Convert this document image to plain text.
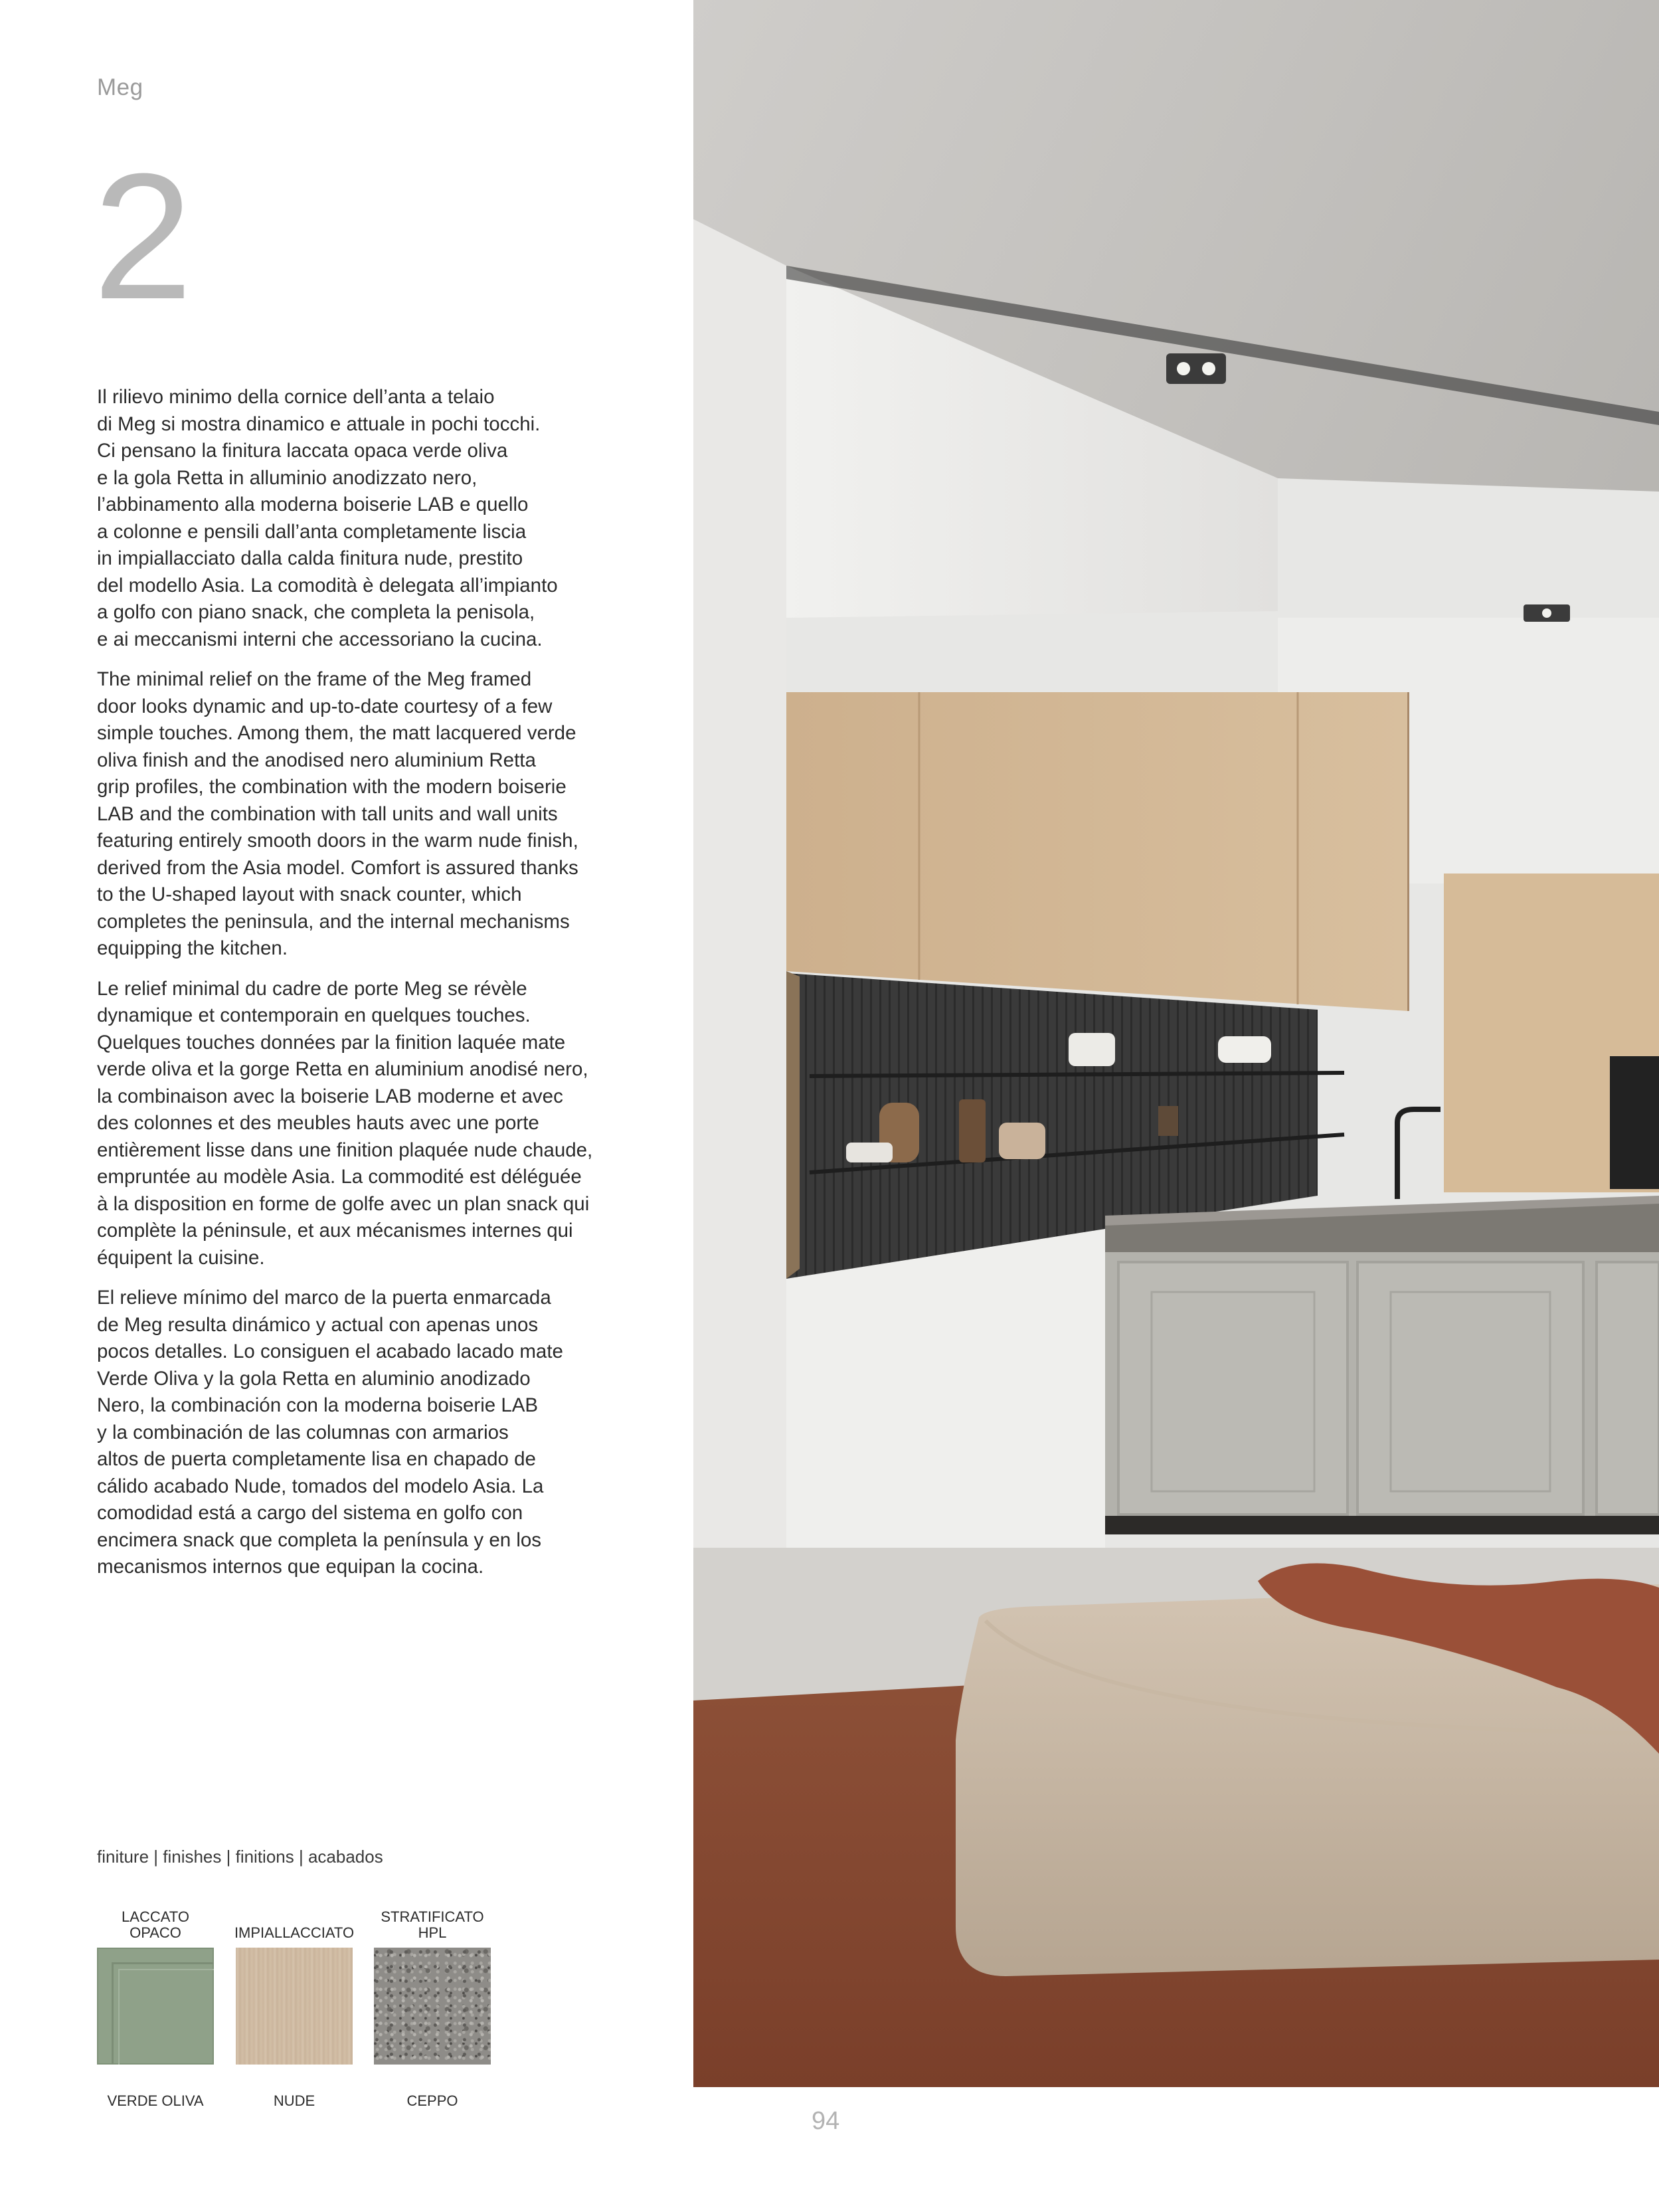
Meg
2

Il rilievo minimo della cornice dell’anta a telaio
di Meg si mostra dinamico e attuale in pochi tocchi.
Ci pensano la finitura laccata opaca verde oliva
e la gola Retta in alluminio anodizzato nero,
l’abbinamento alla moderna boiserie LAB e quello
a colonne e pensili dall’anta completamente liscia
in impiallacciato dalla calda finitura nude, prestito
del modello Asia. La comodità è delegata all’impianto
a golfo con piano snack, che completa la penisola,
e ai meccanismi interni che accessoriano la cucina.

The minimal relief on the frame of the Meg framed
door looks dynamic and up-to-date courtesy of a few
simple touches. Among them, the matt lacquered verde
oliva finish and the anodised nero aluminium Retta
grip profiles, the combination with the modern boiserie
LAB and the combination with tall units and wall units
featuring entirely smooth doors in the warm nude finish,
derived from the Asia model. Comfort is assured thanks
to the U-shaped layout with snack counter, which
completes the peninsula, and the internal mechanisms
equipping the kitchen.

Le relief minimal du cadre de porte Meg se révèle
dynamique et contemporain en quelques touches.
Quelques touches données par la finition laquée mate
verde oliva et la gorge Retta en aluminium anodisé nero,
la combinaison avec la boiserie LAB moderne et avec
des colonnes et des meubles hauts avec une porte
entièrement lisse dans une finition plaquée nude chaude,
empruntée au modèle Asia. La commodité est déléguée
à la disposition en forme de golfe avec un plan snack qui
complète la péninsule, et aux mécanismes internes qui
équipent la cuisine.

El relieve mínimo del marco de la puerta enmarcada
de Meg resulta dinámico y actual con apenas unos
pocos detalles. Lo consiguen el acabado lacado mate
Verde Oliva y la gola Retta en aluminio anodizado
Nero, la combinación con la moderna boiserie LAB
y la combinación de las columnas con armarios
altos de puerta completamente lisa en chapado de
cálido acabado Nude, tomados del modelo Asia. La
comodidad está a cargo del sistema en golfo con
encimera snack que completa la península y en los
mecanismos internos que equipan la cocina.

finiture | finishes | finitions | acabados
LACCATO
OPACO
VERDE OLIVA
IMPIALLACCIATO
NUDE
STRATIFICATO
HPL
CEPPO
94
